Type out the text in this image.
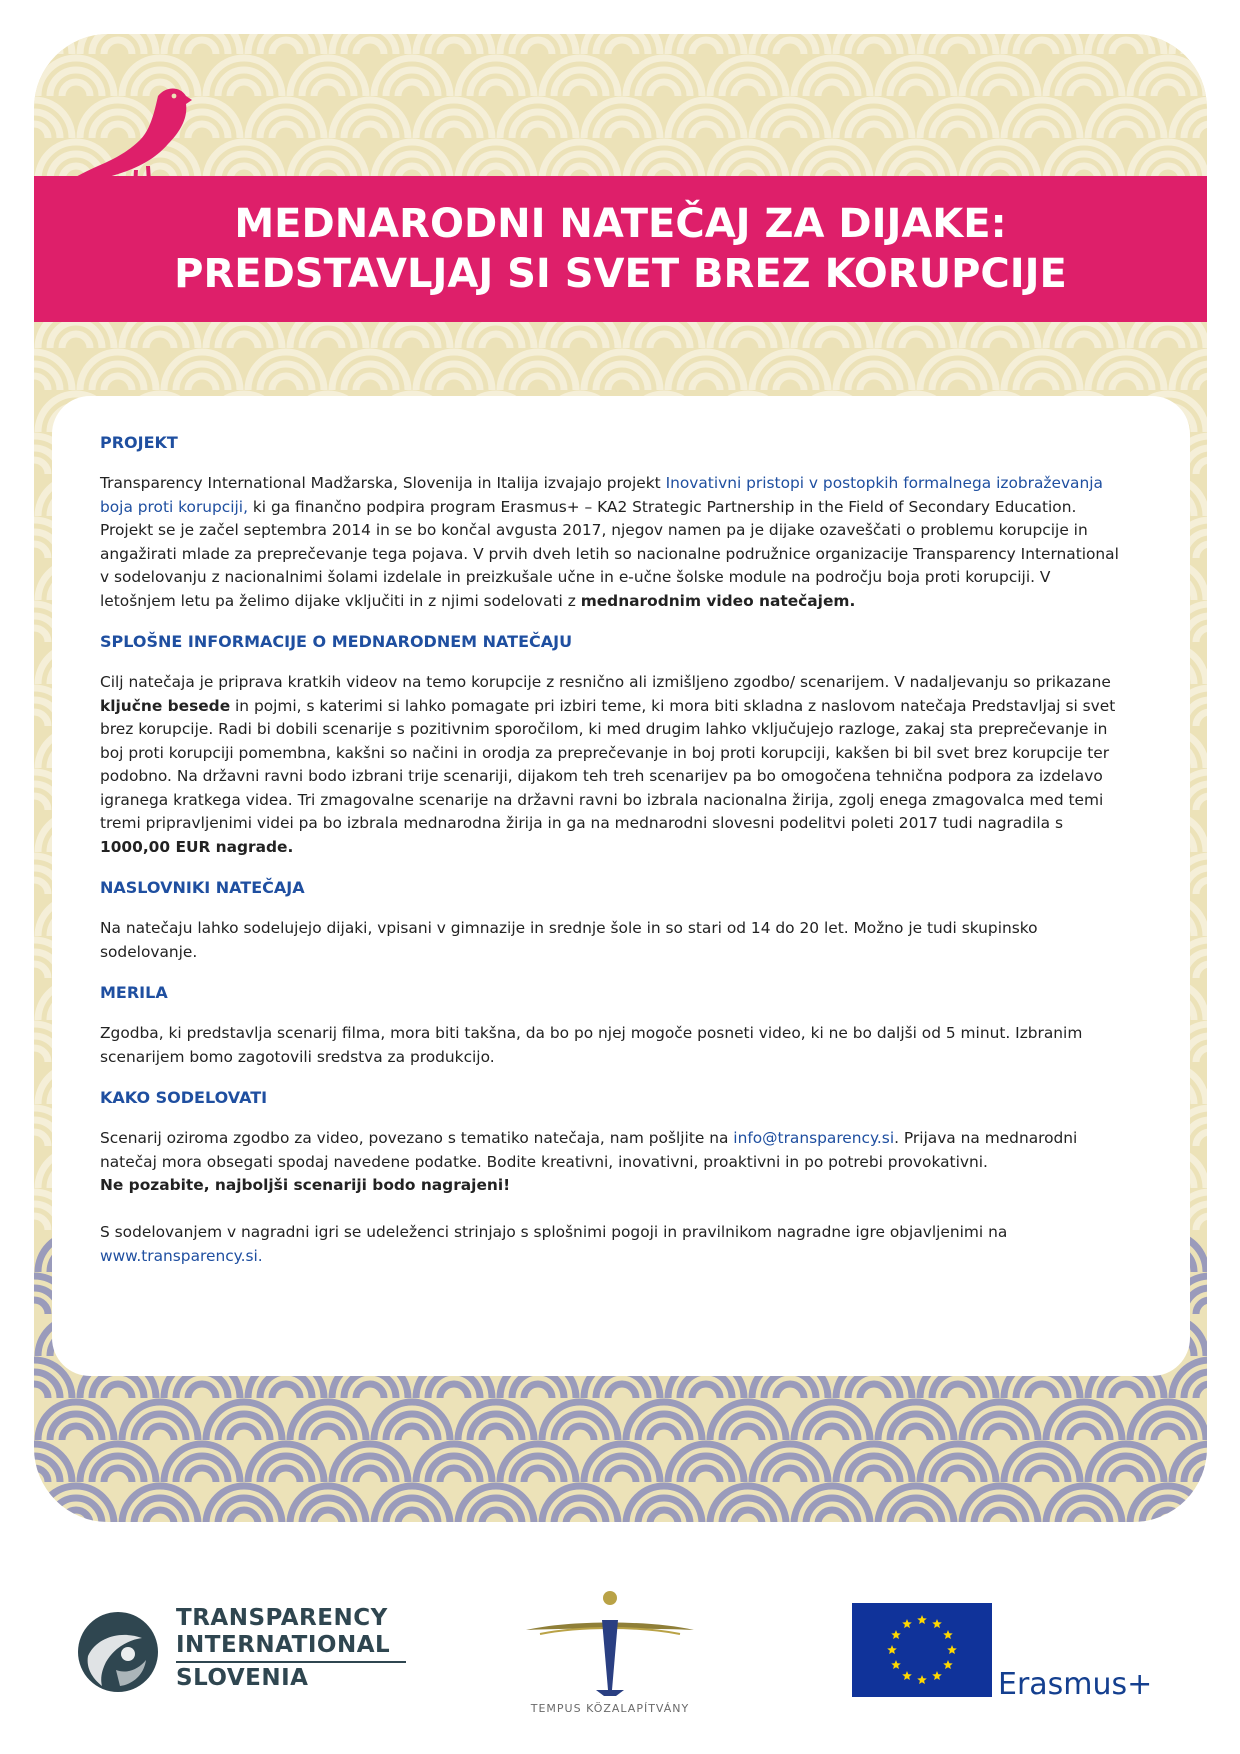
MEDNARODNI NATEČAJ ZA DIJAKE:
PREDSTAVLJAJ SI SVET BREZ KORUPCIJE
PROJEKT
Transparency International Madžarska, Slovenija in Italija izvajajo projekt Inovativni pristopi v postopkih formalnega izobraževanja boja proti korupciji, ki ga finančno podpira program Erasmus+ – KA2 Strategic Partnership in the Field of Secondary Education. Projekt se je začel septembra 2014 in se bo končal avgusta 2017, njegov namen pa je dijake ozaveščati o problemu korupcije in angažirati mlade za preprečevanje tega pojava. V prvih dveh letih so nacionalne podružnice organizacije Transparency International v sodelovanju z nacionalnimi šolami izdelale in preizkušale učne in e-učne šolske module na področju boja proti korupciji. V letošnjem letu pa želimo dijake vključiti in z njimi sodelovati z mednarodnim video natečajem.
SPLOŠNE INFORMACIJE O MEDNARODNEM NATEČAJU
Cilj natečaja je priprava kratkih videov na temo korupcije z resnično ali izmišljeno zgodbo/ scenarijem. V nadaljevanju so prikazane ključne besede in pojmi, s katerimi si lahko pomagate pri izbiri teme, ki mora biti skladna z naslovom natečaja Predstavljaj si svet brez korupcije. Radi bi dobili scenarije s pozitivnim sporočilom, ki med drugim lahko vključujejo razloge, zakaj sta preprečevanje in boj proti korupciji pomembna, kakšni so načini in orodja za preprečevanje in boj proti korupciji, kakšen bi bil svet brez korupcije ter podobno. Na državni ravni bodo izbrani trije scenariji, dijakom teh treh scenarijev pa bo omogočena tehnična podpora za izdelavo igranega kratkega videa. Tri zmagovalne scenarije na državni ravni bo izbrala nacionalna žirija, zgolj enega zmagovalca med temi tremi pripravljenimi videi pa bo izbrala mednarodna žirija in ga na mednarodni slovesni podelitvi poleti 2017 tudi nagradila s 1000,00 EUR nagrade.
NASLOVNIKI NATEČAJA
Na natečaju lahko sodelujejo dijaki, vpisani v gimnazije in srednje šole in so stari od 14 do 20 let. Možno je tudi skupinsko sodelovanje.
MERILA
Zgodba, ki predstavlja scenarij filma, mora biti takšna, da bo po njej mogoče posneti video, ki ne bo daljši od 5 minut. Izbranim scenarijem bomo zagotovili sredstva za produkcijo.
KAKO SODELOVATI
Scenarij oziroma zgodbo za video, povezano s tematiko natečaja, nam pošljite na info@transparency.si. Prijava na mednarodni natečaj mora obsegati spodaj navedene podatke. Bodite kreativni, inovativni, proaktivni in po potrebi provokativni.
Ne pozabite, najboljši scenariji bodo nagrajeni!

S sodelovanjem v nagradni igri se udeleženci strinjajo s splošnimi pogoji in pravilnikom nagradne igre objavljenimi na
www.transparency.si.
TRANSPARENCY
INTERNATIONAL
SLOVENIA
TEMPUS KÖZALAPÍTVÁNY
Erasmus+
